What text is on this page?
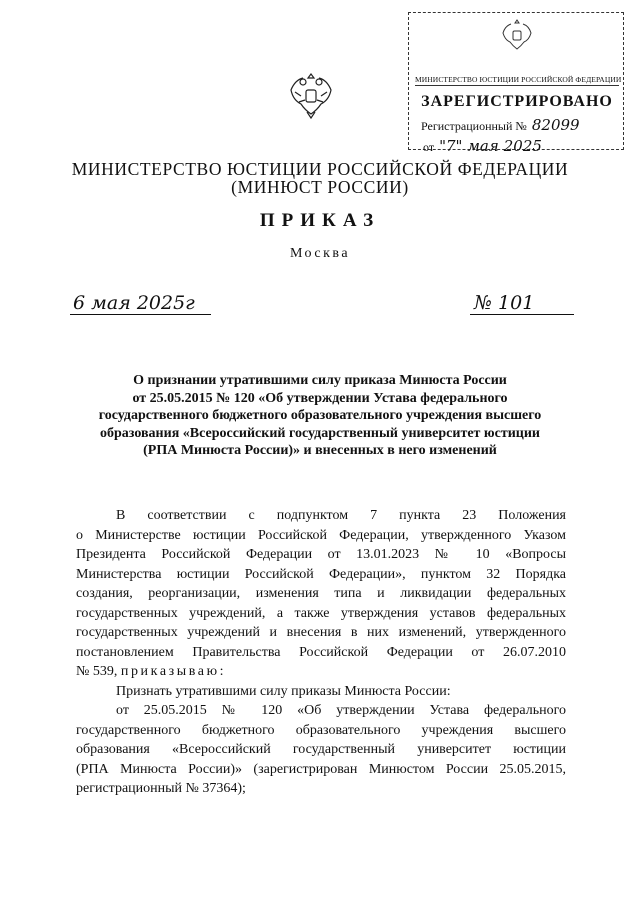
МИНИСТЕРСТВО ЮСТИЦИИ РОССИЙСКОЙ ФЕДЕРАЦИИ
ЗАРЕГИСТРИРОВАНО
Регистрационный № 82099
от "7" мая 2025
МИНИСТЕРСТВО ЮСТИЦИИ РОССИЙСКОЙ ФЕДЕРАЦИИ
(МИНЮСТ РОССИИ)
ПРИКАЗ
Москва
6 мая 2025г	№ 101
О признании утратившими силу приказа Минюста России
от 25.05.2015 № 120 «Об утверждении Устава федерального
государственного бюджетного образовательного учреждения высшего
образования «Всероссийский государственный университет юстиции
(РПА Минюста России)» и внесенных в него изменений
В соответствии с подпунктом 7 пункта 23 Положения
о Министерстве юстиции Российской Федерации, утвержденного Указом
Президента Российской Федерации от 13.01.2023 № 10 «Вопросы
Министерства юстиции Российской Федерации», пунктом 32 Порядка
создания, реорганизации, изменения типа и ликвидации федеральных
государственных учреждений, а также утверждения уставов федеральных
государственных учреждений и внесения в них изменений, утвержденного
постановлением Правительства Российской Федерации от 26.07.2010
№ 539, приказываю:
Признать утратившими силу приказы Минюста России:
от 25.05.2015 № 120 «Об утверждении Устава федерального
государственного бюджетного образовательного учреждения высшего
образования «Всероссийский государственный университет юстиции
(РПА Минюста России)» (зарегистрирован Минюстом России 25.05.2015,
регистрационный № 37364);
